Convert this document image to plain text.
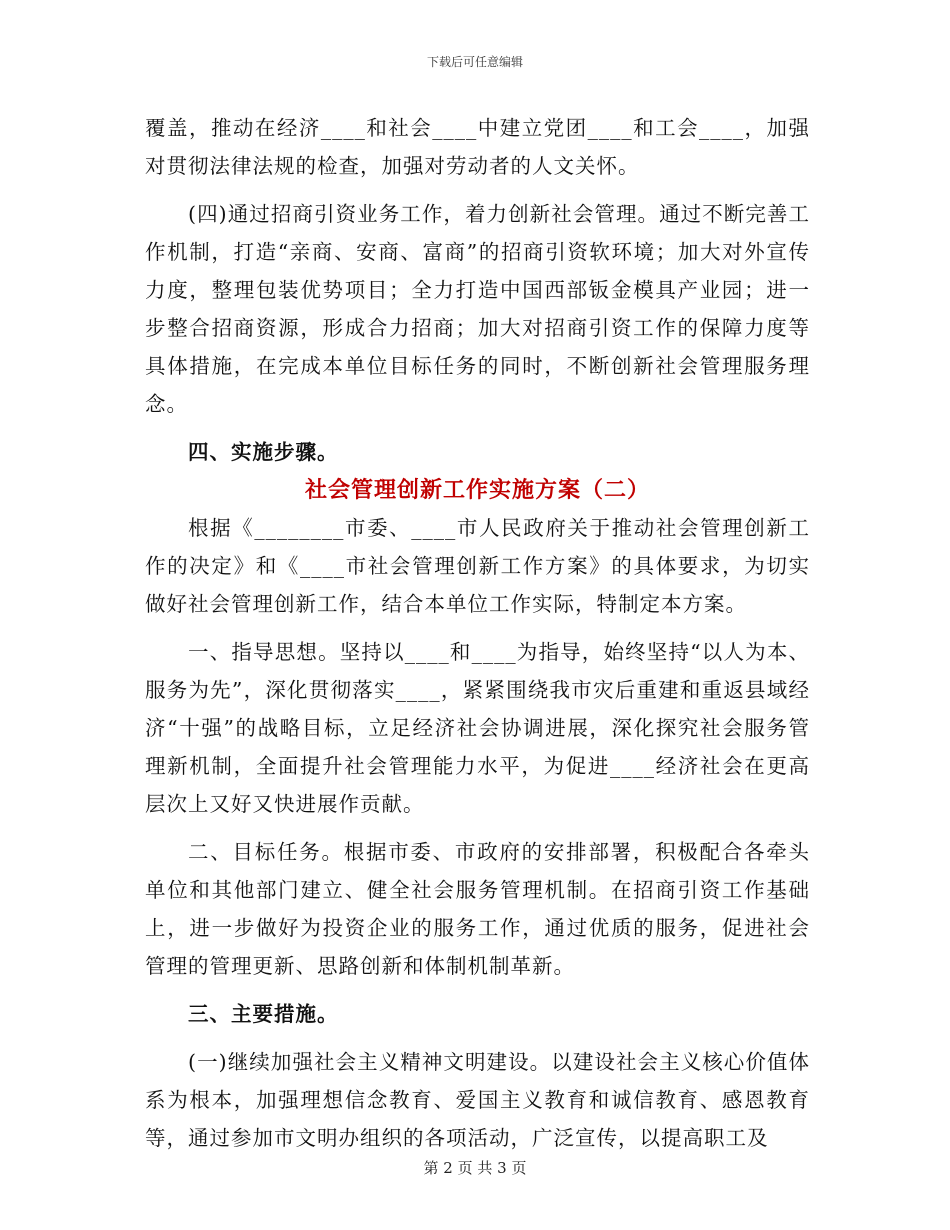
下载后可任意编辑

覆盖，推动在经济____和社会____中建立党团____和工会____，加强对贯彻法律法规的检查，加强对劳动者的人文关怀。

(四)通过招商引资业务工作，着力创新社会管理。通过不断完善工作机制，打造“亲商、安商、富商”的招商引资软环境；加大对外宣传力度，整理包装优势项目；全力打造中国西部钣金模具产业园；进一步整合招商资源，形成合力招商；加大对招商引资工作的保障力度等具体措施，在完成本单位目标任务的同时，不断创新社会管理服务理念。

四、实施步骤。

社会管理创新工作实施方案（二）

根据《________市委、____市人民政府关于推动社会管理创新工作的决定》和《____市社会管理创新工作方案》的具体要求，为切实做好社会管理创新工作，结合本单位工作实际，特制定本方案。

一、指导思想。坚持以____和____为指导，始终坚持“以人为本、服务为先”，深化贯彻落实____，紧紧围绕我市灾后重建和重返县域经济“十强”的战略目标，立足经济社会协调进展，深化探究社会服务管理新机制，全面提升社会管理能力水平，为促进____经济社会在更高层次上又好又快进展作贡献。

二、目标任务。根据市委、市政府的安排部署，积极配合各牵头单位和其他部门建立、健全社会服务管理机制。在招商引资工作基础上，进一步做好为投资企业的服务工作，通过优质的服务，促进社会管理的管理更新、思路创新和体制机制革新。

三、主要措施。

(一)继续加强社会主义精神文明建设。以建设社会主义核心价值体系为根本，加强理想信念教育、爱国主义教育和诚信教育、感恩教育等，通过参加市文明办组织的各项活动，广泛宣传，以提高职工及

第 2 页 共 3 页
